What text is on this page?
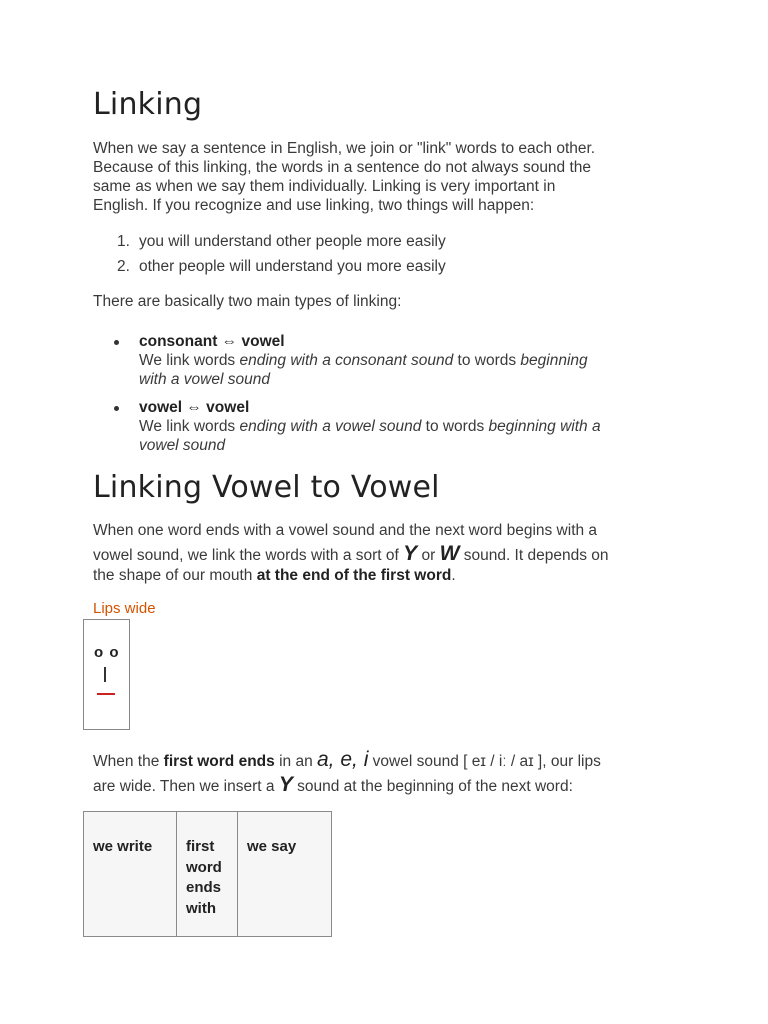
Linking
When we say a sentence in English, we join or "link" words to each other.
Because of this linking, the words in a sentence do not always sound the
same as when we say them individually. Linking is very important in
English. If you recognize and use linking, two things will happen:
1. you will understand other people more easily
2. other people will understand you more easily
There are basically two main types of linking:
consonant ⇔ vowel
We link words ending with a consonant sound to words beginning
with a vowel sound
vowel ⇔ vowel
We link words ending with a vowel sound to words beginning with a
vowel sound
Linking Vowel to Vowel
When one word ends with a vowel sound and the next word begins with a
vowel sound, we link the words with a sort of Y or W sound. It depends on
the shape of our mouth at the end of the first word.
Lips wide
o o
When the first word ends in an a, e, i vowel sound [ eɪ / iː / aɪ ], our lips
are wide. Then we insert a Y sound at the beginning of the next word:
we write	first
word
ends
with	we say
